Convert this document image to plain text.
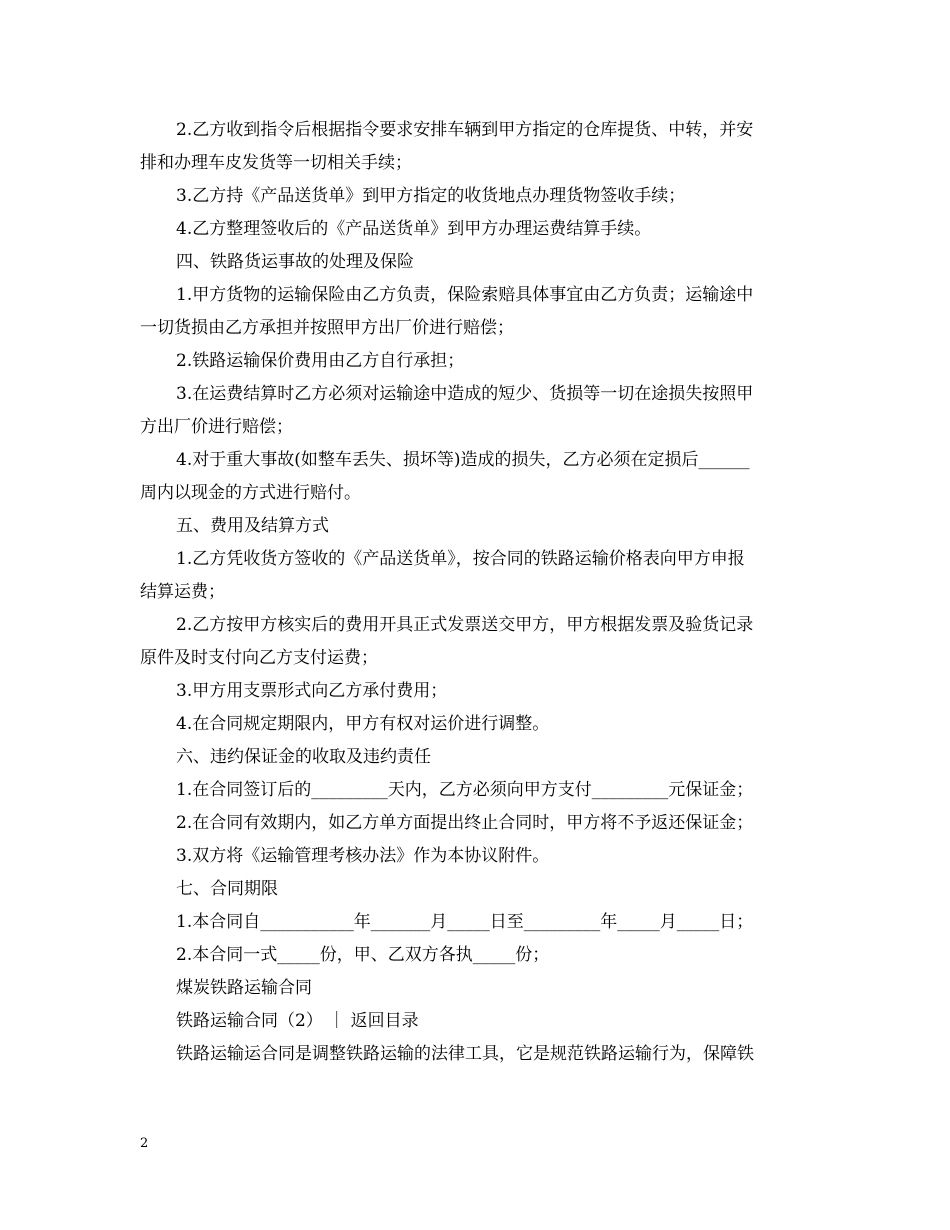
2.乙方收到指令后根据指令要求安排车辆到甲方指定的仓库提货、中转，并安
排和办理车皮发货等一切相关手续；
3.乙方持《产品送货单》到甲方指定的收货地点办理货物签收手续；
4.乙方整理签收后的《产品送货单》到甲方办理运费结算手续。
四、铁路货运事故的处理及保险
1.甲方货物的运输保险由乙方负责，保险索赔具体事宜由乙方负责；运输途中
一切货损由乙方承担并按照甲方出厂价进行赔偿；
2.铁路运输保价费用由乙方自行承担；
3.在运费结算时乙方必须对运输途中造成的短少、货损等一切在途损失按照甲
方出厂价进行赔偿；
4.对于重大事故(如整车丢失、损坏等)造成的损失，乙方必须在定损后______
周内以现金的方式进行赔付。
五、费用及结算方式
1.乙方凭收货方签收的《产品送货单》，按合同的铁路运输价格表向甲方申报
结算运费；
2.乙方按甲方核实后的费用开具正式发票送交甲方，甲方根据发票及验货记录
原件及时支付向乙方支付运费；
3.甲方用支票形式向乙方承付费用；
4.在合同规定期限内，甲方有权对运价进行调整。
六、违约保证金的收取及违约责任
1.在合同签订后的_________天内，乙方必须向甲方支付_________元保证金；
2.在合同有效期内，如乙方单方面提出终止合同时，甲方将不予返还保证金；
3.双方将《运输管理考核办法》作为本协议附件。
七、合同期限
1.本合同自___________年_______月_____日至_________年_____月_____日；
2.本合同一式_____份，甲、乙双方各执_____份；
煤炭铁路运输合同
铁路运输合同（2） ｜ 返回目录
铁路运输运合同是调整铁路运输的法律工具，它是规范铁路运输行为，保障铁
2
